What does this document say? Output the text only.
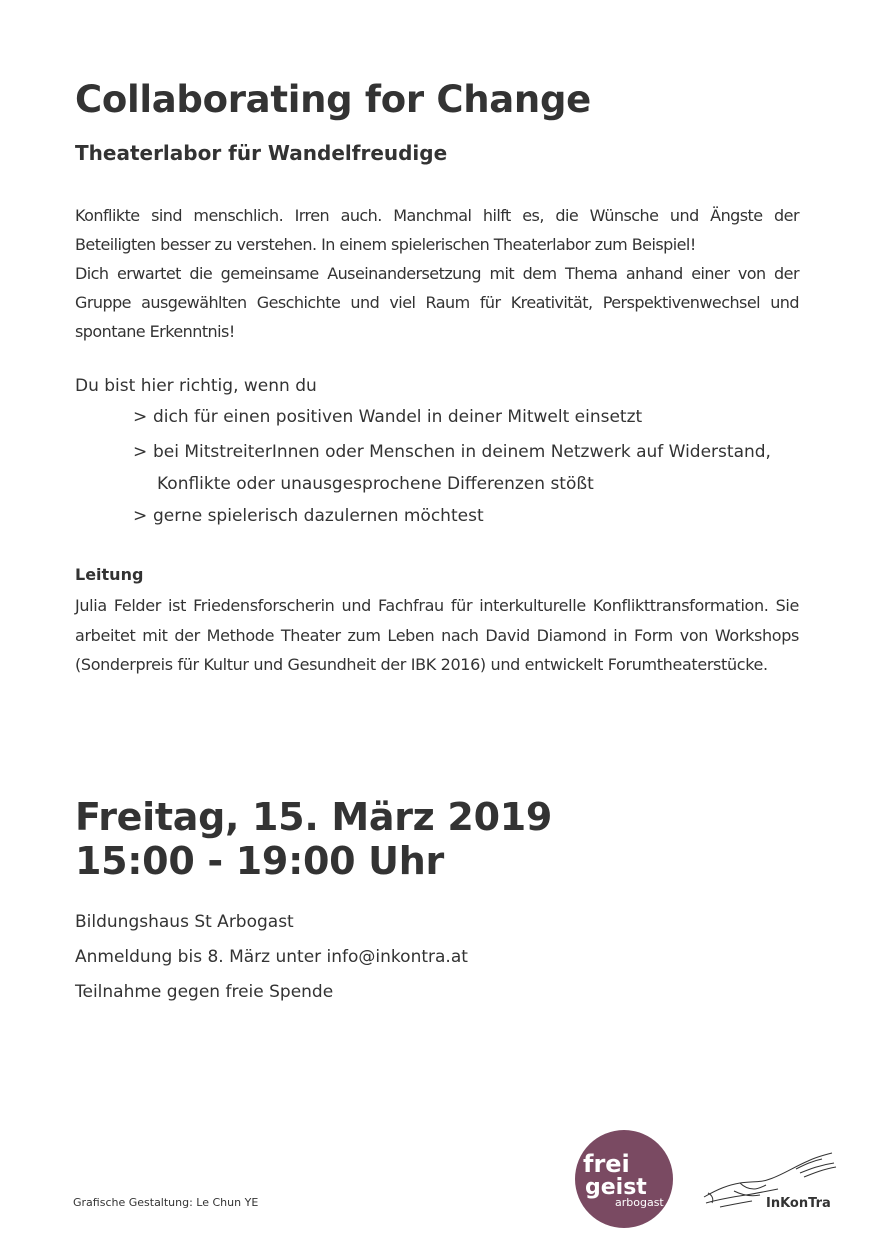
Collaborating for Change
Theaterlabor für Wandelfreudige

Konflikte sind menschlich. Irren auch. Manchmal hilft es, die Wünsche und Ängste der Beteiligten besser zu verstehen. In einem spielerischen Theaterlabor zum Beispiel!

Dich erwartet die gemeinsame Auseinandersetzung mit dem Thema anhand einer von der Gruppe ausgewählten Geschichte und viel Raum für Kreativität, Perspektivenwechsel und spontane Erkenntnis!

Du bist hier richtig, wenn du
> dich für einen positiven Wandel in deiner Mitwelt einsetzt
> bei MitstreiterInnen oder Menschen in deinem Netzwerk auf Widerstand,
Konflikte oder unausgesprochene Differenzen stößt
> gerne spielerisch dazulernen möchtest
Leitung

Julia Felder ist Friedensforscherin und Fachfrau für interkulturelle Konflikttransformation. Sie arbeitet mit der Methode Theater zum Leben nach David Diamond in Form von Workshops (Sonderpreis für Kultur und Gesundheit der IBK 2016) und entwickelt Forumtheaterstücke.

Freitag, 15. März 2019
15:00 - 19:00 Uhr
Bildungshaus St Arbogast
Anmeldung bis 8. März unter info@inkontra.at
Teilnahme gegen freie Spende
Grafische Gestaltung: Le Chun YE
frei
geist
arbogast	InKonTra
